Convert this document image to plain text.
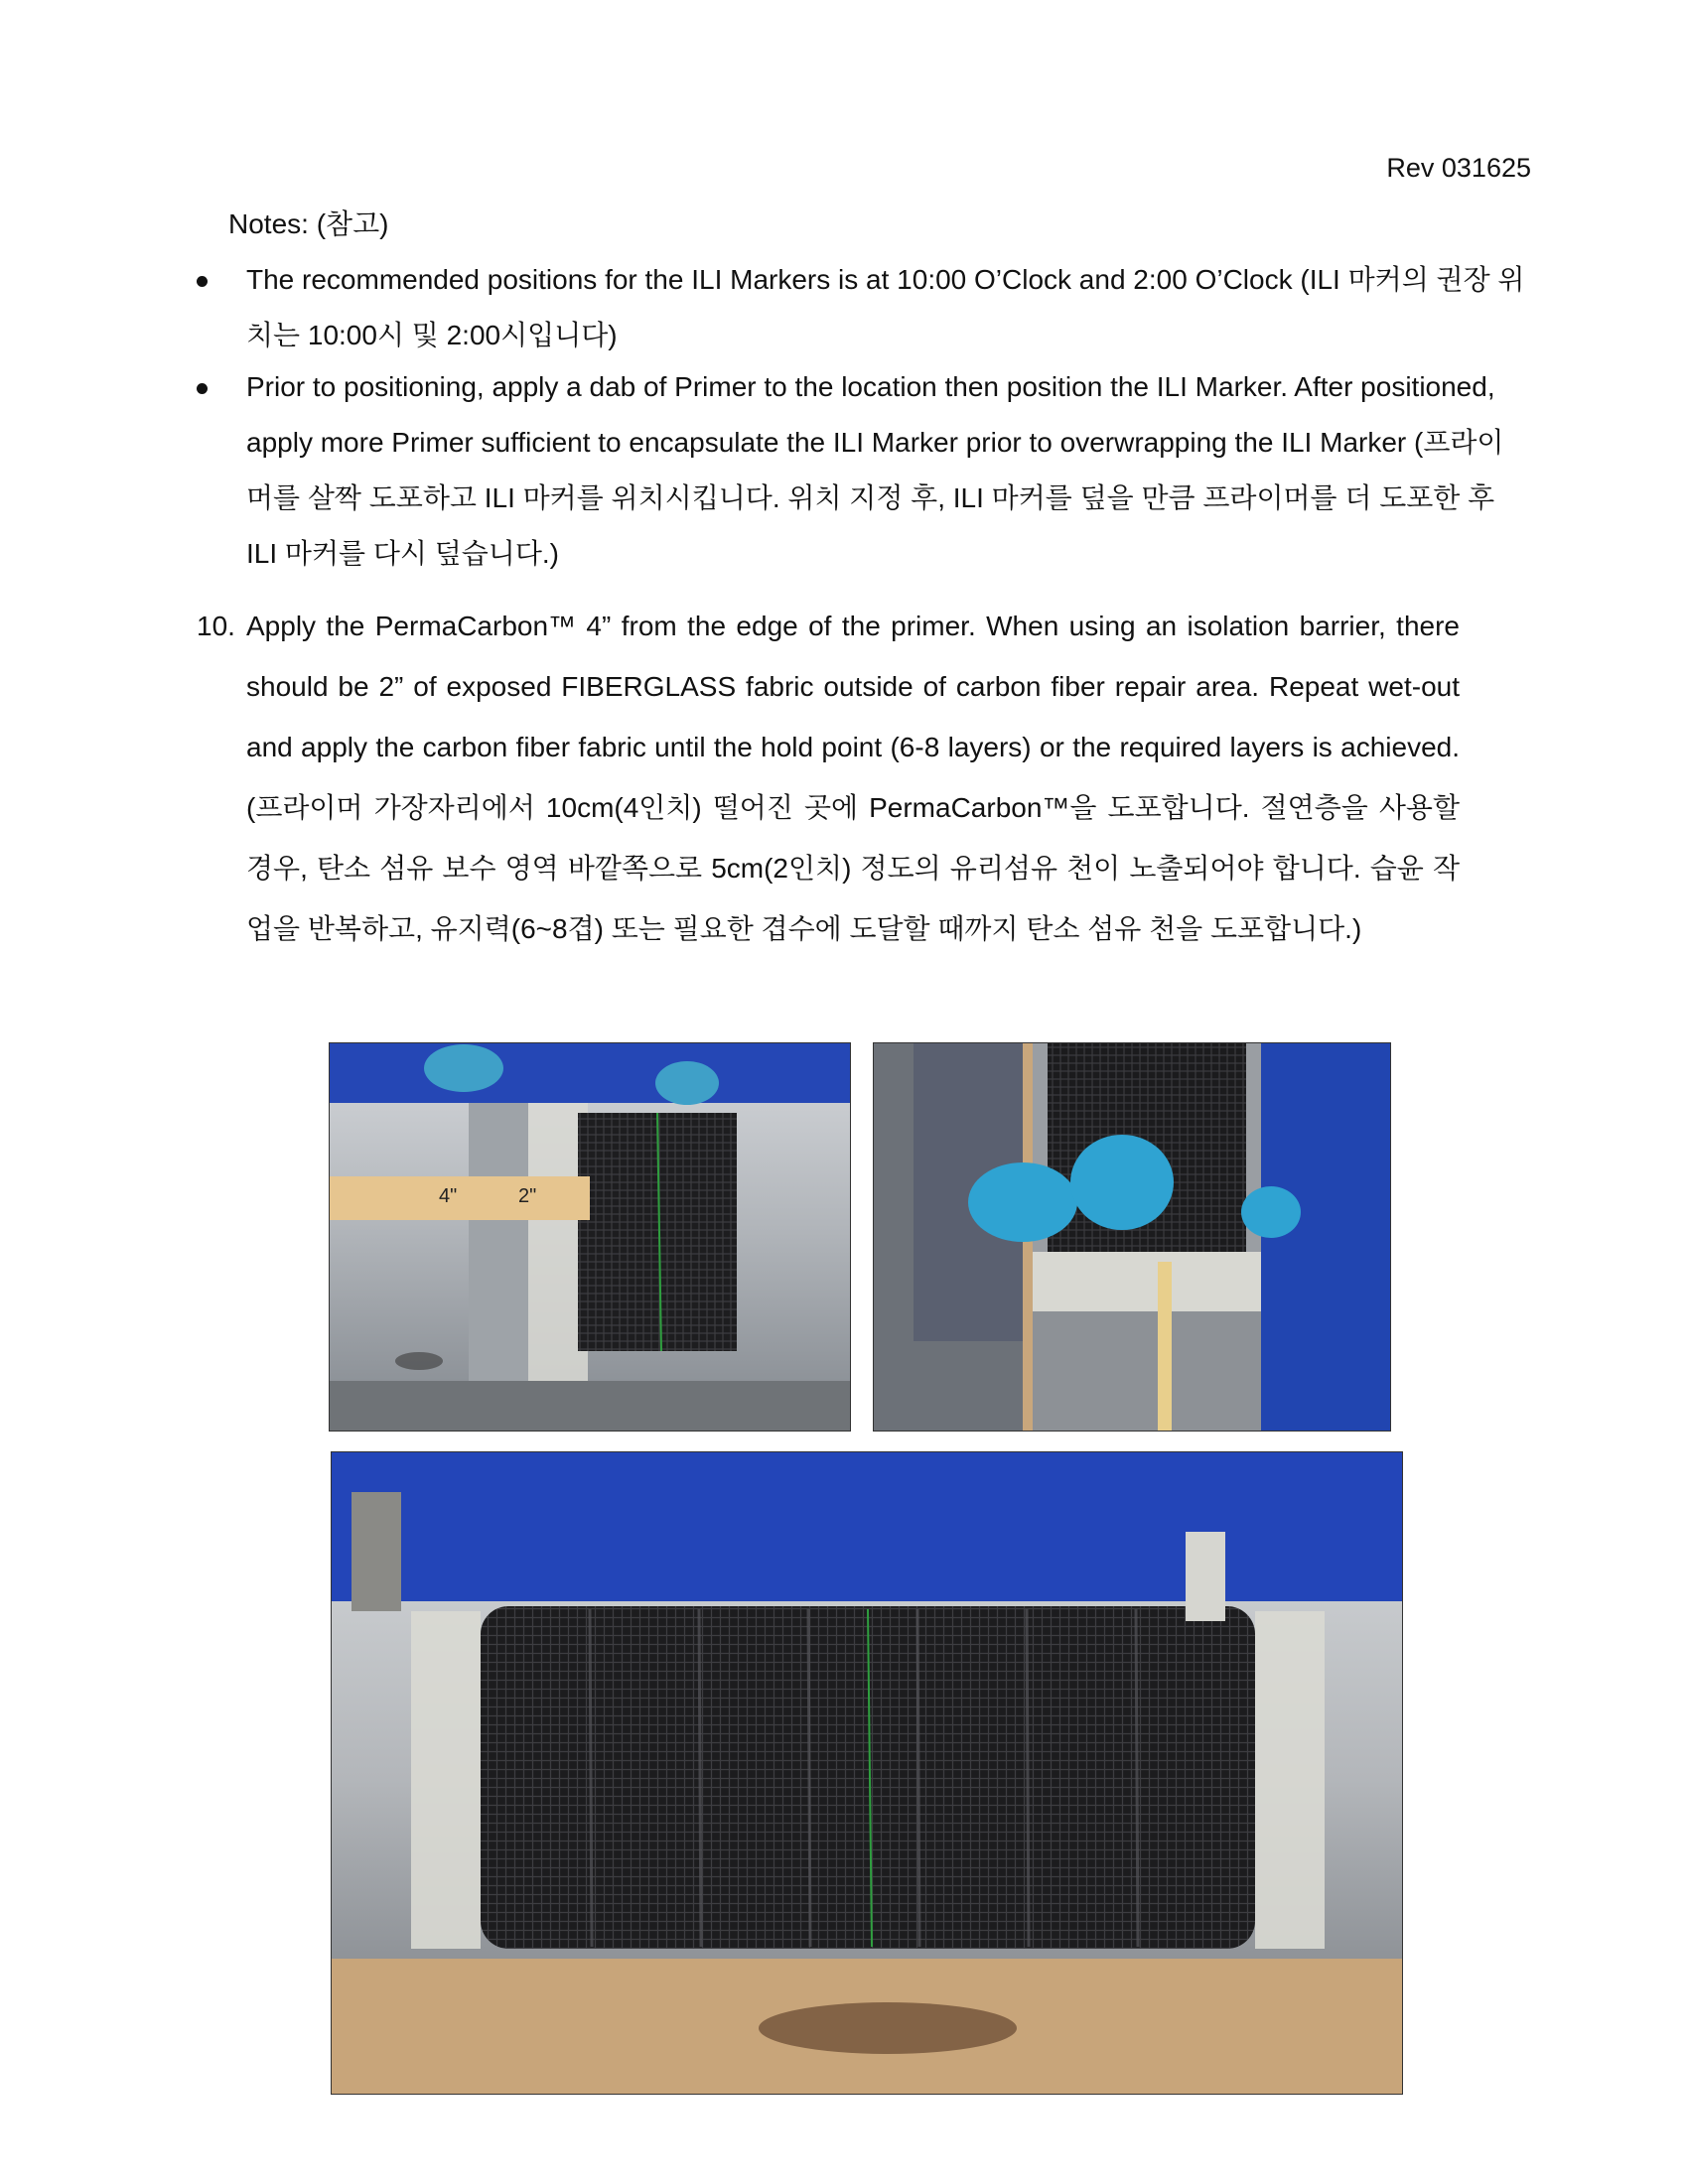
Rev 031625
Notes: (참고)
The recommended positions for the ILI Markers is at 10:00 O’Clock and 2:00 O’Clock (ILI 마커의 권장 위치는 10:00시 및 2:00시입니다)
Prior to positioning, apply a dab of Primer to the location then position the ILI Marker. After positioned, apply more Primer sufficient to encapsulate the ILI Marker prior to overwrapping the ILI Marker (프라이머를 살짝 도포하고 ILI 마커를 위치시킵니다. 위치 지정 후, ILI 마커를 덮을 만큼 프라이머를 더 도포한 후 ILI 마커를 다시 덮습니다.)
10. Apply the PermaCarbon™ 4” from the edge of the primer. When using an isolation barrier, there should be 2” of exposed FIBERGLASS fabric outside of carbon fiber repair area. Repeat wet-out and apply the carbon fiber fabric until the hold point (6-8 layers) or the required layers is achieved. (프라이머 가장자리에서 10cm(4인치) 떨어진 곳에 PermaCarbon™을 도포합니다. 절연층을 사용할 경우, 탄소 섬유 보수 영역 바깥쪽으로 5cm(2인치) 정도의 유리섬유 천이 노출되어야 합니다. 습윤 작업을 반복하고, 유지력(6~8겹) 또는 필요한 겹수에 도달할 때까지 탄소 섬유 천을 도포합니다.)
4"	2"
